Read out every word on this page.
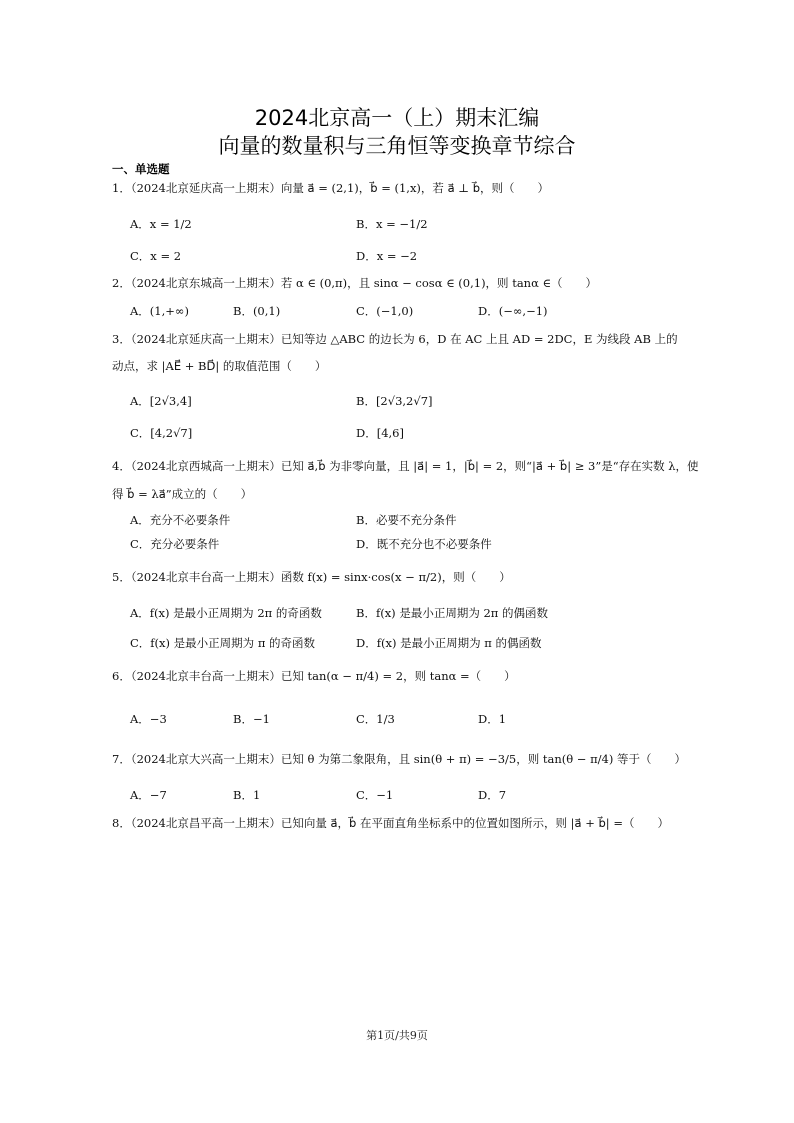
2024北京高一（上）期末汇编
向量的数量积与三角恒等变换章节综合
一、单选题
1．（2024北京延庆高一上期末）向量 a⃗ = (2,1)，b⃗ = (1,x)，若 a⃗ ⊥ b⃗，则（　　）
A．x = 1/2	B．x = −1/2
C．x = 2	D．x = −2
2．（2024北京东城高一上期末）若 α ∈ (0,π)，且 sinα − cosα ∈ (0,1)，则 tanα ∈（　　）
A．(1,+∞)	B．(0,1)	C．(−1,0)	D．(−∞,−1)
3．（2024北京延庆高一上期末）已知等边 △ABC 的边长为 6，D 在 AC 上且 AD = 2DC，E 为线段 AB 上的
动点，求 |AE⃗ + BD⃗| 的取值范围（　　）
A．[2√3,4]	B．[2√3,2√7]
C．[4,2√7]	D．[4,6]
4．（2024北京西城高一上期末）已知 a⃗,b⃗ 为非零向量，且 |a⃗| = 1，|b⃗| = 2，则“|a⃗ + b⃗| ≥ 3”是“存在实数 λ，使
得 b⃗ = λa⃗”成立的（　　）
A．充分不必要条件	B．必要不充分条件
C．充分必要条件	D．既不充分也不必要条件
5．（2024北京丰台高一上期末）函数 f(x) = sinx·cos(x − π/2)，则（　　）
A．f(x) 是最小正周期为 2π 的奇函数	B．f(x) 是最小正周期为 2π 的偶函数
C．f(x) 是最小正周期为 π 的奇函数	D．f(x) 是最小正周期为 π 的偶函数
6．（2024北京丰台高一上期末）已知 tan(α − π/4) = 2，则 tanα =（　　）
A．−3	B．−1	C．1/3	D．1
7．（2024北京大兴高一上期末）已知 θ 为第二象限角，且 sin(θ + π) = −3/5，则 tan(θ − π/4) 等于（　　）
A．−7	B．1	C．−1	D．7
8．（2024北京昌平高一上期末）已知向量 a⃗，b⃗ 在平面直角坐标系中的位置如图所示，则 |a⃗ + b⃗| =（　　）
第1页/共9页
